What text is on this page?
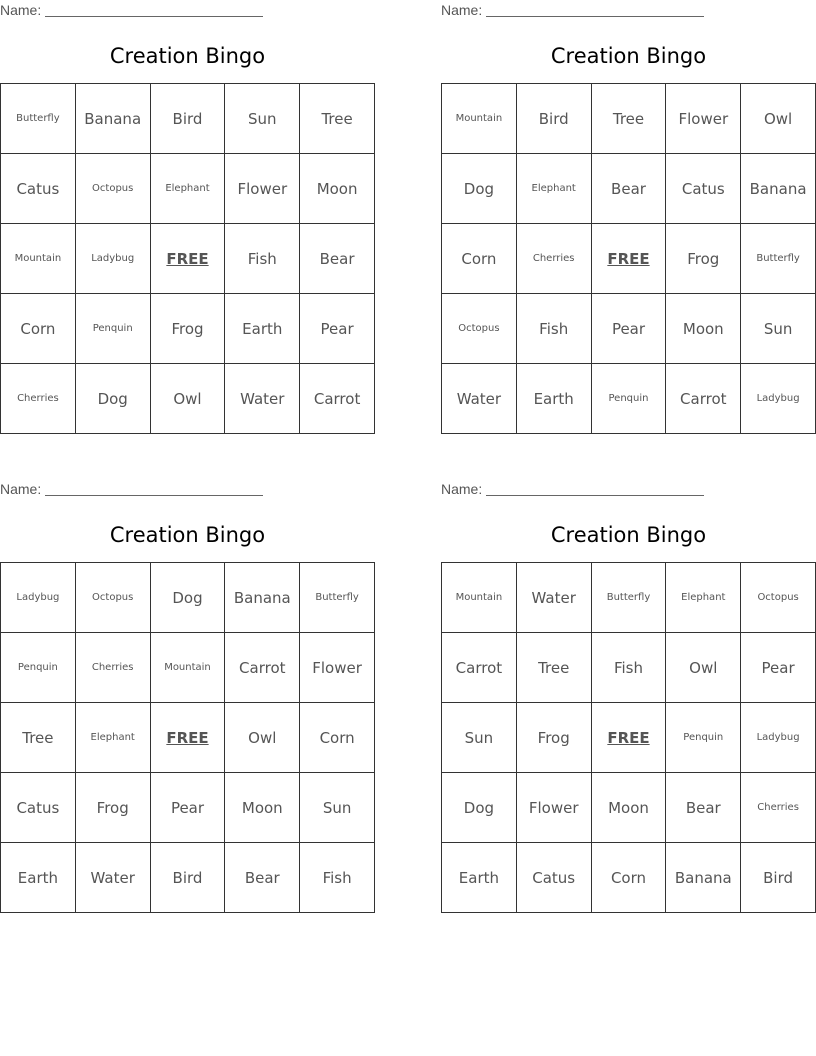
Name:
Creation Bingo
Butterfly	Banana	Bird	Sun	Tree
Catus	Octopus	Elephant	Flower	Moon
Mountain	Ladybug	FREE	Fish	Bear
Corn	Penquin	Frog	Earth	Pear
Cherries	Dog	Owl	Water	Carrot
Name:
Creation Bingo
Mountain	Bird	Tree	Flower	Owl
Dog	Elephant	Bear	Catus	Banana
Corn	Cherries	FREE	Frog	Butterfly
Octopus	Fish	Pear	Moon	Sun
Water	Earth	Penquin	Carrot	Ladybug
Name:
Creation Bingo
Ladybug	Octopus	Dog	Banana	Butterfly
Penquin	Cherries	Mountain	Carrot	Flower
Tree	Elephant	FREE	Owl	Corn
Catus	Frog	Pear	Moon	Sun
Earth	Water	Bird	Bear	Fish
Name:
Creation Bingo
Mountain	Water	Butterfly	Elephant	Octopus
Carrot	Tree	Fish	Owl	Pear
Sun	Frog	FREE	Penquin	Ladybug
Dog	Flower	Moon	Bear	Cherries
Earth	Catus	Corn	Banana	Bird
